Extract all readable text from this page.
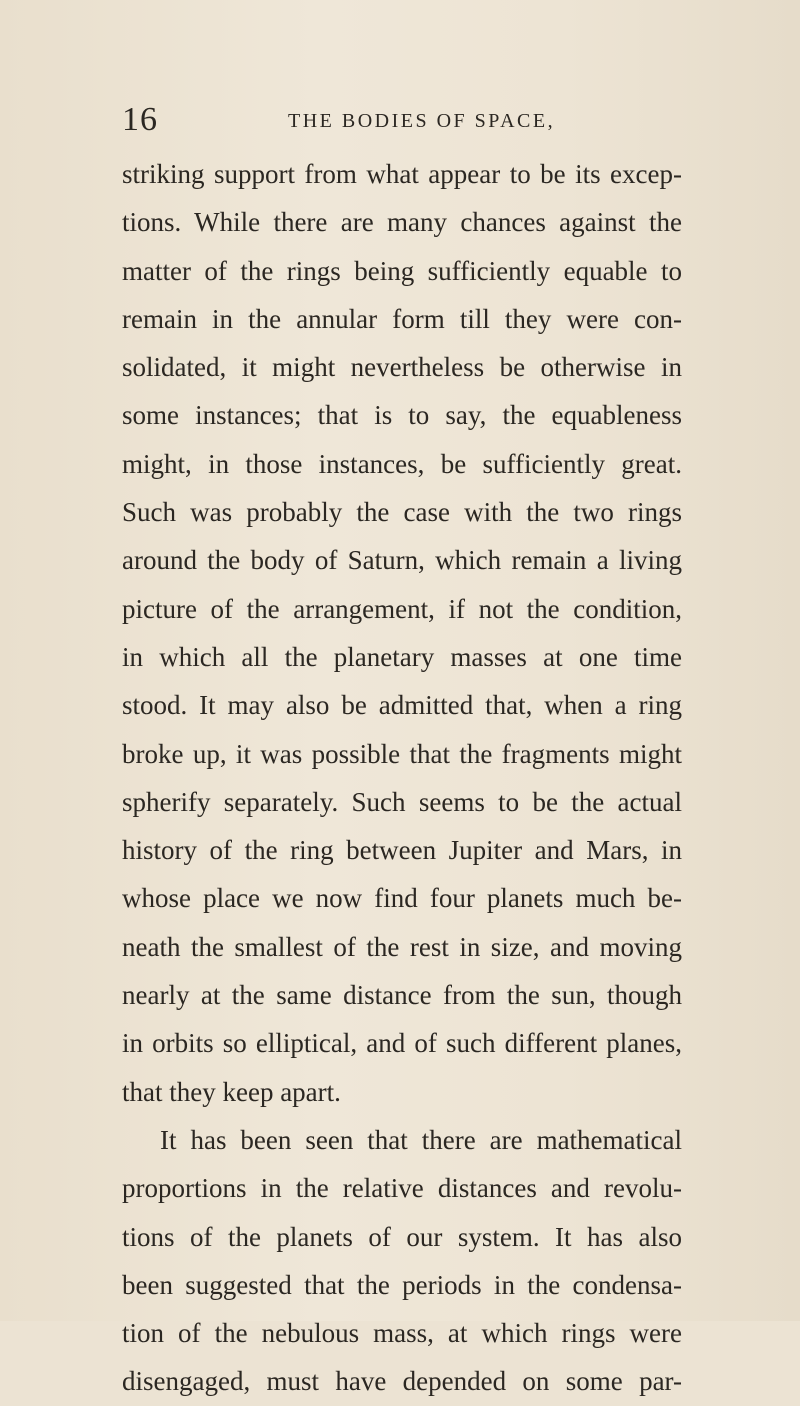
16	THE BODIES OF SPACE,
striking support from what appear to be its excep-
tions. While there are many chances against the
matter of the rings being sufficiently equable to
remain in the annular form till they were con-
solidated, it might nevertheless be otherwise in
some instances; that is to say, the equableness
might, in those instances, be sufficiently great.
Such was probably the case with the two rings
around the body of Saturn, which remain a living
picture of the arrangement, if not the condition,
in which all the planetary masses at one time
stood. It may also be admitted that, when a ring
broke up, it was possible that the fragments might
spherify separately. Such seems to be the actual
history of the ring between Jupiter and Mars, in
whose place we now find four planets much be-
neath the smallest of the rest in size, and moving
nearly at the same distance from the sun, though
in orbits so elliptical, and of such different planes,
that they keep apart.
It has been seen that there are mathematical
proportions in the relative distances and revolu-
tions of the planets of our system. It has also
been suggested that the periods in the condensa-
tion of the nebulous mass, at which rings were
disengaged, must have depended on some par-
